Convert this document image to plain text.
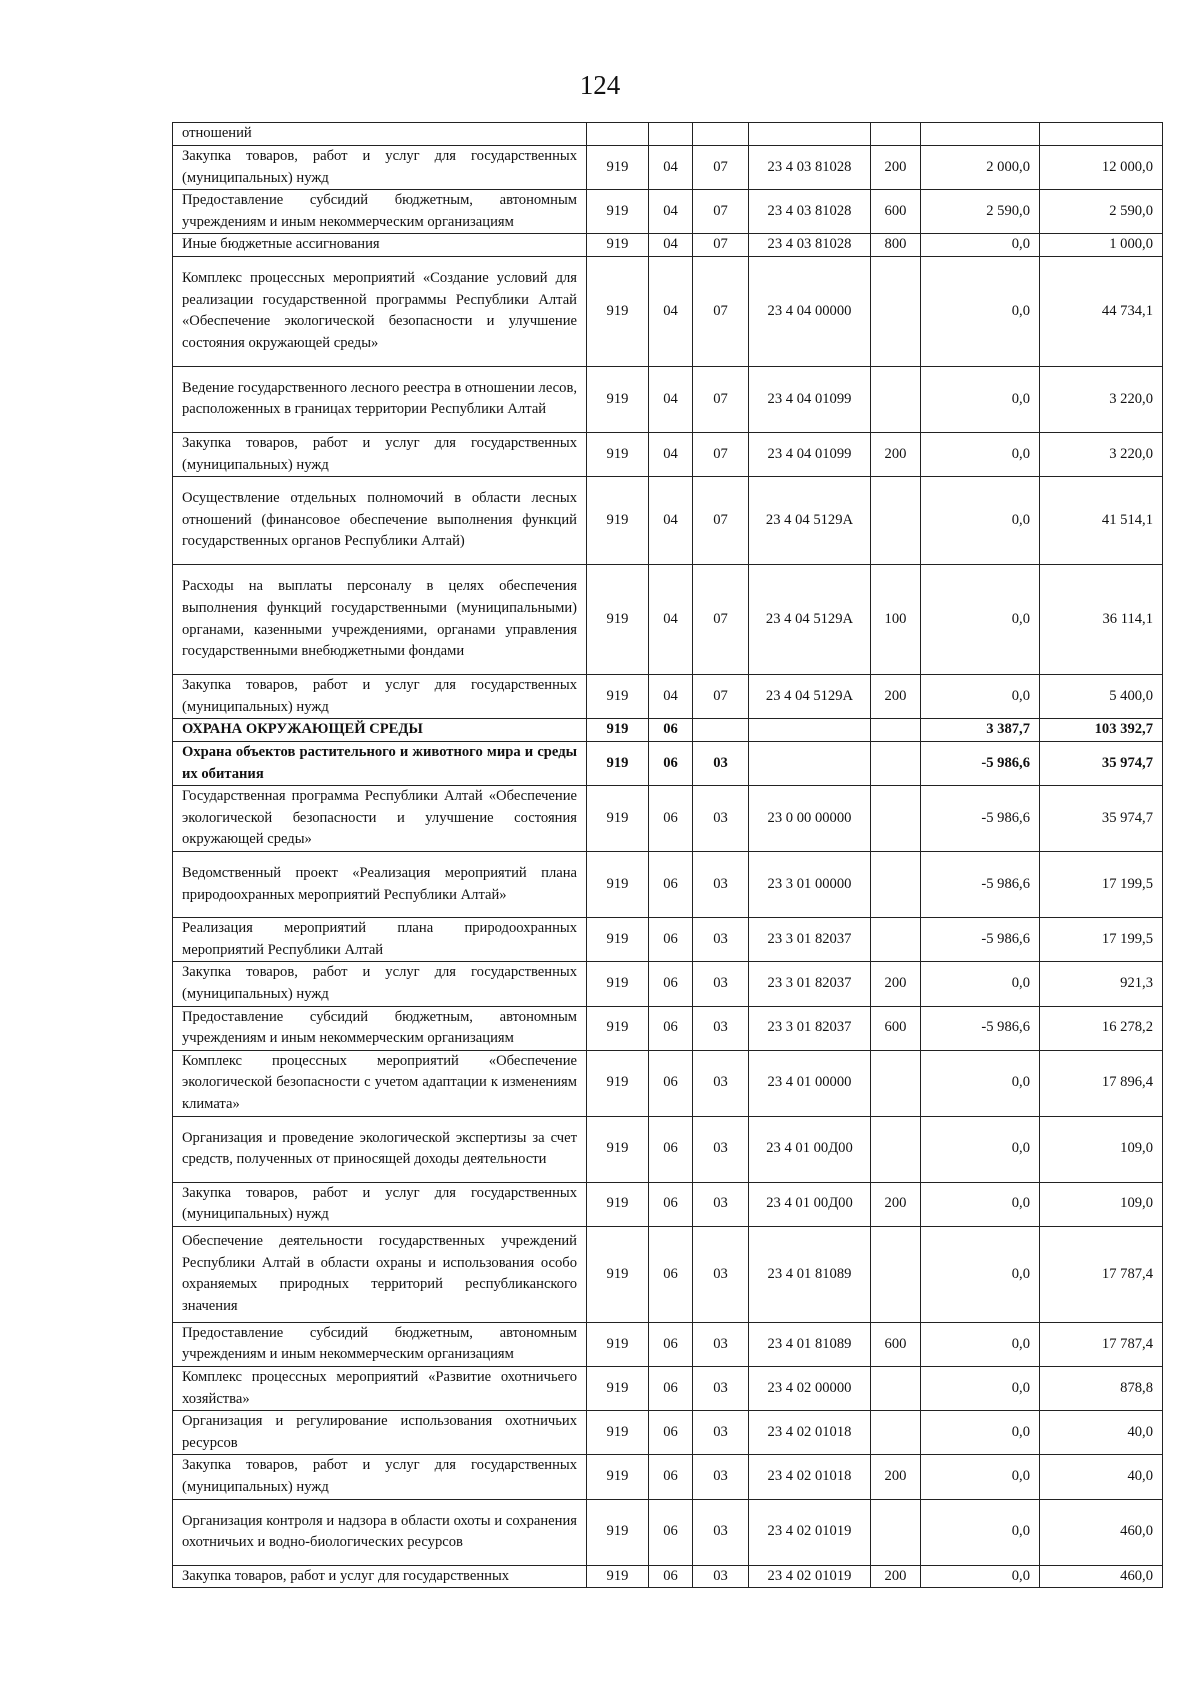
124
отношений							
Закупка товаров, работ и услуг для государственных (муниципальных) нужд	919	04	07	23 4 03 81028	200	2 000,0	12 000,0
Предоставление субсидий бюджетным, автономным учреждениям и иным некоммерческим организациям	919	04	07	23 4 03 81028	600	2 590,0	2 590,0
Иные бюджетные ассигнования	919	04	07	23 4 03 81028	800	0,0	1 000,0
Комплекс процессных мероприятий «Создание условий для реализации государственной программы Республики Алтай «Обеспечение экологической безопасности и улучшение состояния окружающей среды»	919	04	07	23 4 04 00000		0,0	44 734,1
Ведение государственного лесного реестра в отношении лесов, расположенных в границах территории Республики Алтай	919	04	07	23 4 04 01099		0,0	3 220,0
Закупка товаров, работ и услуг для государственных (муниципальных) нужд	919	04	07	23 4 04 01099	200	0,0	3 220,0
Осуществление отдельных полномочий в области лесных отношений (финансовое обеспечение выполнения функций государственных органов Республики Алтай)	919	04	07	23 4 04 5129А		0,0	41 514,1
Расходы на выплаты персоналу в целях обеспечения выполнения функций государственными (муниципальными) органами, казенными учреждениями, органами управления государственными внебюджетными фондами	919	04	07	23 4 04 5129А	100	0,0	36 114,1
Закупка товаров, работ и услуг для государственных (муниципальных) нужд	919	04	07	23 4 04 5129А	200	0,0	5 400,0
ОХРАНА ОКРУЖАЮЩЕЙ СРЕДЫ	919	06				3 387,7	103 392,7
Охрана объектов растительного и животного мира и среды их обитания	919	06	03			-5 986,6	35 974,7
Государственная программа Республики Алтай «Обеспечение экологической безопасности и улучшение состояния окружающей среды»	919	06	03	23 0 00 00000		-5 986,6	35 974,7
Ведомственный проект «Реализация мероприятий плана природоохранных мероприятий Республики Алтай»	919	06	03	23 3 01 00000		-5 986,6	17 199,5
Реализация мероприятий плана природоохранных мероприятий Республики Алтай	919	06	03	23 3 01 82037		-5 986,6	17 199,5
Закупка товаров, работ и услуг для государственных (муниципальных) нужд	919	06	03	23 3 01 82037	200	0,0	921,3
Предоставление субсидий бюджетным, автономным учреждениям и иным некоммерческим организациям	919	06	03	23 3 01 82037	600	-5 986,6	16 278,2
Комплекс процессных мероприятий «Обеспечение экологической безопасности с учетом адаптации к изменениям климата»	919	06	03	23 4 01 00000		0,0	17 896,4
Организация и проведение экологической экспертизы за счет средств, полученных от приносящей доходы деятельности	919	06	03	23 4 01 00Д00		0,0	109,0
Закупка товаров, работ и услуг для государственных (муниципальных) нужд	919	06	03	23 4 01 00Д00	200	0,0	109,0
Обеспечение деятельности государственных учреждений Республики Алтай в области охраны и использования особо охраняемых природных территорий республиканского значения	919	06	03	23 4 01 81089		0,0	17 787,4
Предоставление субсидий бюджетным, автономным учреждениям и иным некоммерческим организациям	919	06	03	23 4 01 81089	600	0,0	17 787,4
Комплекс процессных мероприятий «Развитие охотничьего хозяйства»	919	06	03	23 4 02 00000		0,0	878,8
Организация и регулирование использования охотничьих ресурсов	919	06	03	23 4 02 01018		0,0	40,0
Закупка товаров, работ и услуг для государственных (муниципальных) нужд	919	06	03	23 4 02 01018	200	0,0	40,0
Организация контроля и надзора в области охоты и сохранения охотничьих и водно-биологических ресурсов	919	06	03	23 4 02 01019		0,0	460,0
Закупка товаров, работ и услуг для государственных	919	06	03	23 4 02 01019	200	0,0	460,0
